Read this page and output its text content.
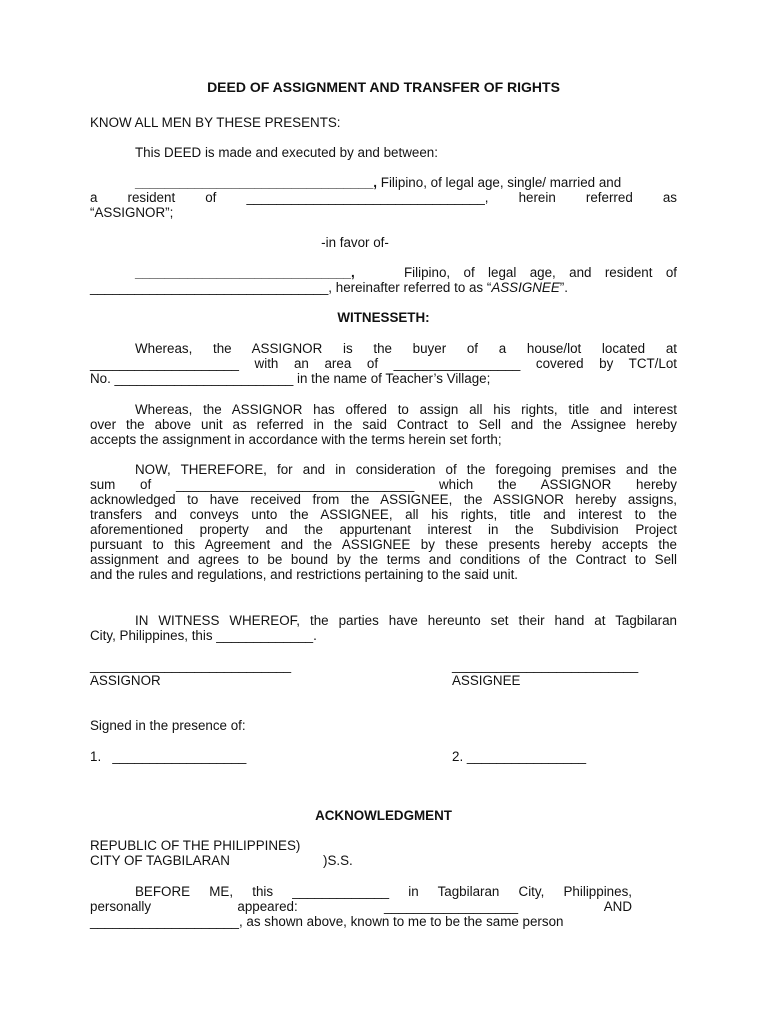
DEED OF ASSIGNMENT AND TRANSFER OF RIGHTS
KNOW ALL MEN BY THESE PRESENTS:
This DEED is made and executed by and between:
________________________________, Filipino, of legal age, single/ married and
a resident of ________________________________, herein referred as
“ASSIGNOR”;
-in favor of-
_____________________________,	Filipino, of legal age, and resident of
________________________________, hereinafter referred to as “ASSIGNEE”.
WITNESSETH:
Whereas, the ASSIGNOR is the buyer of a house/lot located at
____________________ with an area of _________________ covered by TCT/Lot
No. ________________________ in the name of Teacher’s Village;
Whereas, the ASSIGNOR has offered to assign all his rights, title and interest
over the above unit as referred in the said Contract to Sell and the Assignee hereby
accepts the assignment in accordance with the terms herein set forth;
NOW, THEREFORE, for and in consideration of the foregoing premises and the
sum of ________________________________ which the ASSIGNOR hereby
acknowledged to have received from the ASSIGNEE, the ASSIGNOR hereby assigns,
transfers and conveys unto the ASSIGNEE, all his rights, title and interest to the
aforementioned property and the appurtenant interest in the Subdivision Project
pursuant to this Agreement and the ASSIGNEE by these presents hereby accepts the
assignment and agrees to be bound by the terms and conditions of the Contract to Sell
and the rules and regulations, and restrictions pertaining to the said unit.
IN WITNESS WHEREOF, the parties have hereunto set their hand at Tagbilaran
City, Philippines, this _____________.
___________________________
ASSIGNOR
_________________________
ASSIGNEE
Signed in the presence of:
1.   __________________	2. ________________
ACKNOWLEDGMENT
REPUBLIC OF THE PHILIPPINES)
CITY OF TAGBILARAN	)S.S.
BEFORE ME, this _____________ in Tagbilaran City, Philippines,
personally appeared: __________________ AND
____________________, as shown above, known to me to be the same person
